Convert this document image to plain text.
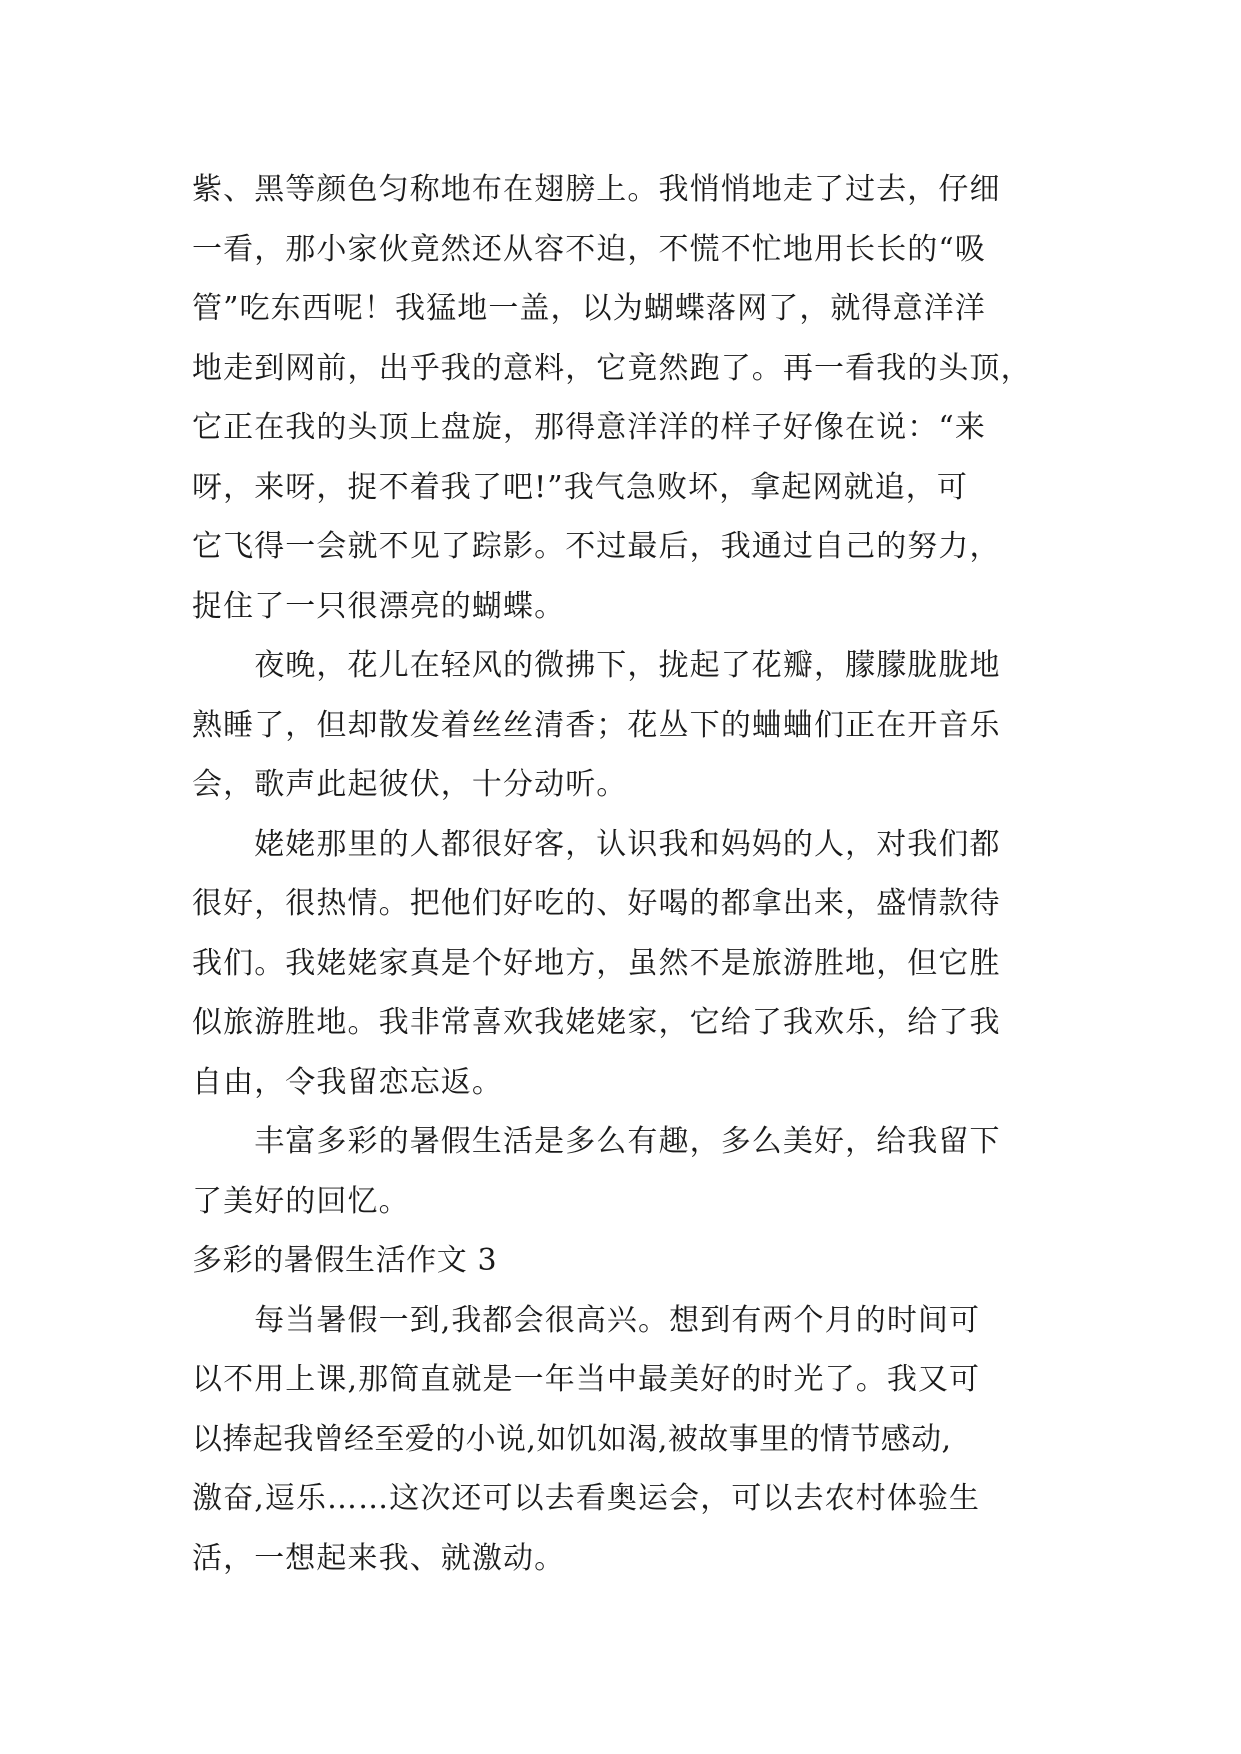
紫、黑等颜色匀称地布在翅膀上。我悄悄地走了过去，仔细
一看，那小家伙竟然还从容不迫，不慌不忙地用长长的“吸
管”吃东西呢！我猛地一盖，以为蝴蝶落网了，就得意洋洋
地走到网前，出乎我的意料，它竟然跑了。再一看我的头顶，
它正在我的头顶上盘旋，那得意洋洋的样子好像在说：“来
呀，来呀，捉不着我了吧!”我气急败坏，拿起网就追，可
它飞得一会就不见了踪影。不过最后，我通过自己的努力，
捉住了一只很漂亮的蝴蝶。
　　夜晚，花儿在轻风的微拂下，拢起了花瓣，朦朦胧胧地
熟睡了，但却散发着丝丝清香；花丛下的蛐蛐们正在开音乐
会，歌声此起彼伏，十分动听。
　　姥姥那里的人都很好客，认识我和妈妈的人，对我们都
很好，很热情。把他们好吃的、好喝的都拿出来，盛情款待
我们。我姥姥家真是个好地方，虽然不是旅游胜地，但它胜
似旅游胜地。我非常喜欢我姥姥家，它给了我欢乐，给了我
自由，令我留恋忘返。
　　丰富多彩的暑假生活是多么有趣，多么美好，给我留下
了美好的回忆。
多彩的暑假生活作文 3
　　每当暑假一到,我都会很高兴。想到有两个月的时间可
以不用上课,那简直就是一年当中最美好的时光了。我又可
以捧起我曾经至爱的小说,如饥如渴,被故事里的情节感动,
激奋,逗乐……这次还可以去看奥运会，可以去农村体验生
活，一想起来我、就激动。
